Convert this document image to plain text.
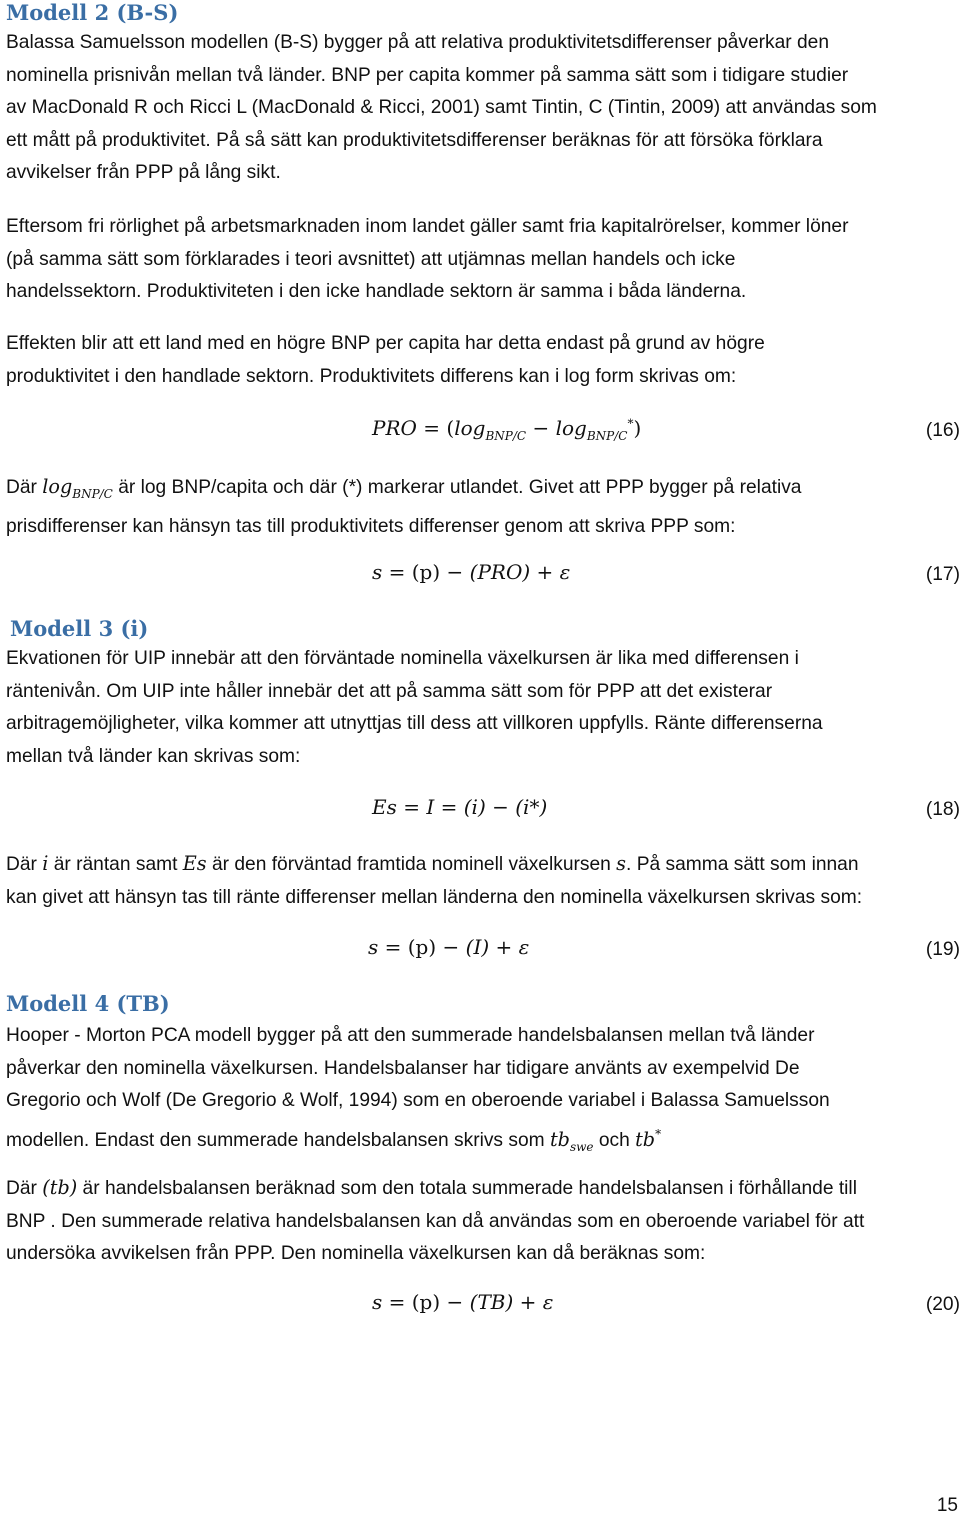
Modell 2 (B-S)
Balassa Samuelsson modellen (B-S) bygger på att relativa produktivitetsdifferenser påverkar den
nominella prisnivån mellan två länder. BNP per capita kommer på samma sätt som i tidigare studier
av MacDonald R och Ricci L (MacDonald & Ricci, 2001) samt Tintin, C (Tintin, 2009) att användas som
ett mått på produktivitet. På så sätt kan produktivitetsdifferenser beräknas för att försöka förklara
avvikelser från PPP på lång sikt.
Eftersom fri rörlighet på arbetsmarknaden inom landet gäller samt fria kapitalrörelser, kommer löner
(på samma sätt som förklarades i teori avsnittet) att utjämnas mellan handels och icke
handelssektorn. Produktiviteten i den icke handlade sektorn är samma i båda länderna.
Effekten blir att ett land med en högre BNP per capita har detta endast på grund av högre
produktivitet i den handlade sektorn. Produktivitets differens kan i log form skrivas om:
PRO = $(\log_{BNP/C} - \log_{BNP/C}^*)$	(16)
Där $\log_{BNP/C}$ är log BNP/capita och där (*) markerar utlandet. Givet att PPP bygger på relativa
prisdifferenser kan hänsyn tas till produktivitets differenser genom att skriva PPP som:
s = (p) − (PRO) + ε	(17)
Modell 3 (i)
Ekvationen för UIP innebär att den förväntade nominella växelkursen är lika med differensen i
räntenivån. Om UIP inte håller innebär det att på samma sätt som för PPP att det existerar
arbitragemöjligheter, vilka kommer att utnyttjas till dess att villkoren uppfylls. Ränte differenserna
mellan två länder kan skrivas som:
Es = I = (i) − (i*)	(18)
Där i är räntan samt Es är den förväntad framtida nominell växelkursen s. På samma sätt som innan
kan givet att hänsyn tas till ränte differenser mellan länderna den nominella växelkursen skrivas som:
s = (p) − (I) + ε	(19)
Modell 4 (TB)
Hooper - Morton PCA modell bygger på att den summerade handelsbalansen mellan två länder
påverkar den nominella växelkursen. Handelsbalanser har tidigare använts av exempelvid De
Gregorio och Wolf (De Gregorio & Wolf, 1994) som en oberoende variabel i Balassa Samuelsson
modellen. Endast den summerade handelsbalansen skrivs som $tb_{swe}$ och tb*
Där (tb) är handelsbalansen beräknad som den totala summerade handelsbalansen i förhållande till
BNP . Den summerade relativa handelsbalansen kan då användas som en oberoende variabel för att
undersöka avvikelsen från PPP. Den nominella växelkursen kan då beräknas som:
s = (p) − (TB) + ε	(20)
15
